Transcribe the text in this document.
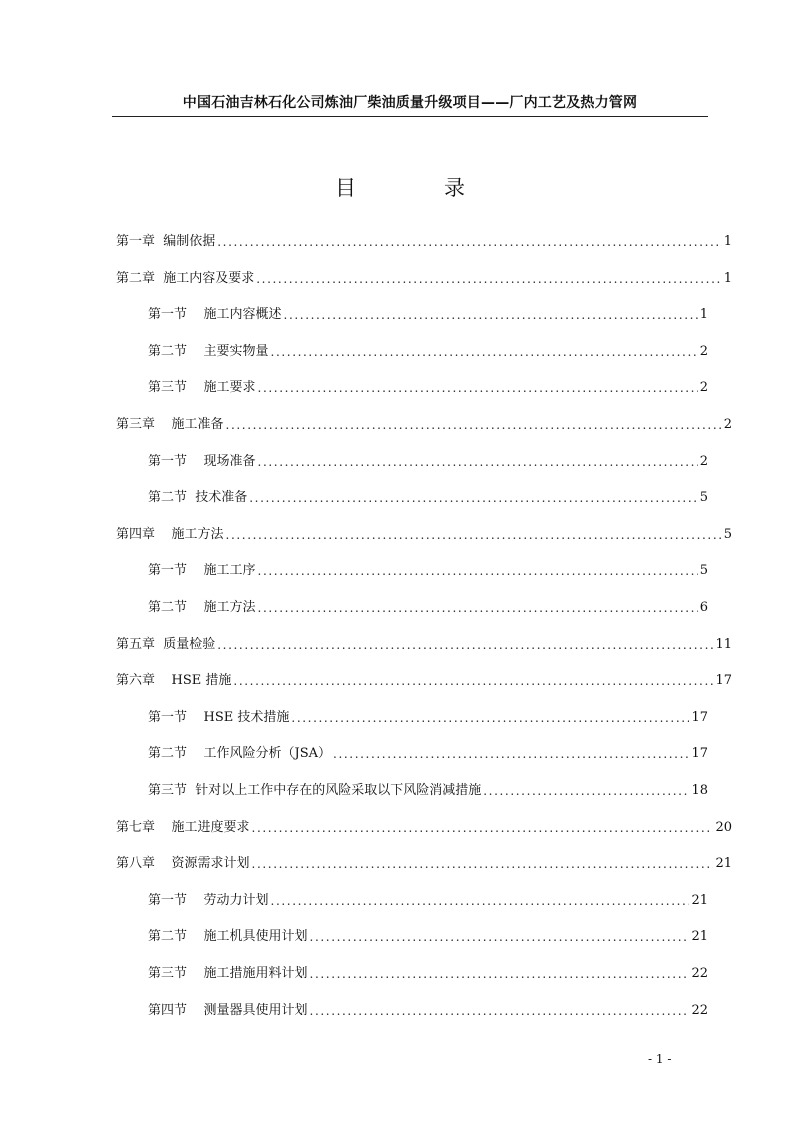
中国石油吉林石化公司炼油厂柴油质量升级项目——厂内工艺及热力管网
目	录
第一章  编制依据 .....	1
第二章  施工内容及要求 .....	1
第一节    施工内容概述 .....	1
第二节    主要实物量 .....	2
第三节    施工要求 .....	2
第三章    施工准备 .....	2
第一节    现场准备 .....	2
第二节  技术准备 .....	5
第四章    施工方法 .....	5
第一节    施工工序 .....	5
第二节    施工方法 .....	6
第五章  质量检验 .....	11
第六章    HSE 措施 .....	17
第一节    HSE 技术措施 .....	17
第二节    工作风险分析（JSA） .....	17
第三节  针对以上工作中存在的风险采取以下风险消减措施 .....	18
第七章    施工进度要求 .....	20
第八章    资源需求计划 .....	21
第一节    劳动力计划 .....	21
第二节    施工机具使用计划 .....	21
第三节    施工措施用料计划 .....	22
第四节    测量器具使用计划 .....	22
- 1 -
